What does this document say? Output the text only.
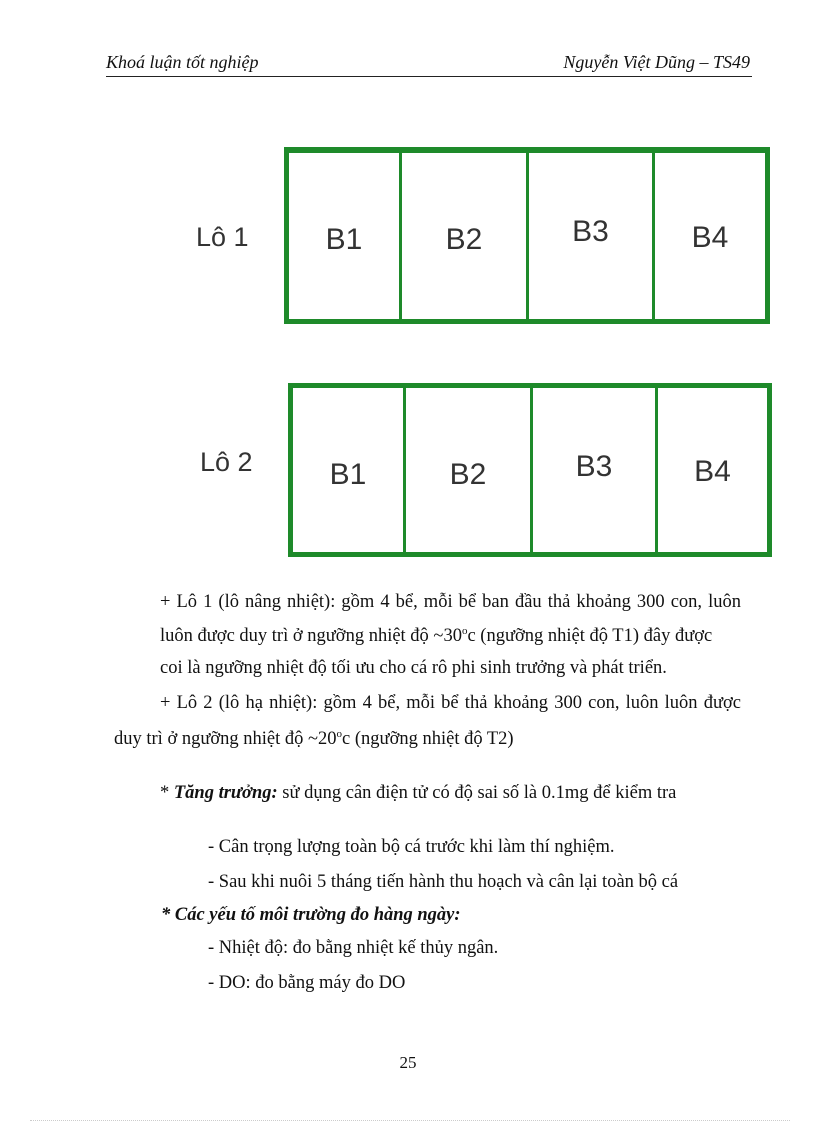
Khoá luận tốt nghiệp	Nguyễn Việt Dũng – TS49
Lô 1	B1	B2	B3	B4
Lô 2	B1	B2	B3	B4
+ Lô 1 (lô nâng nhiệt): gồm 4 bể, mỗi bể ban đầu thả khoảng 300 con, luôn
luôn được duy trì ở ngưỡng nhiệt độ ~30$^o$c (ngưỡng nhiệt độ T1) đây được
coi là ngưỡng nhiệt độ tối ưu cho cá rô phi sinh trưởng và phát triển.
+ Lô 2 (lô hạ nhiệt): gồm 4 bể, mỗi bể thả khoảng 300 con, luôn luôn được
duy trì ở ngưỡng nhiệt độ ~20$^o$c (ngưỡng nhiệt độ T2)
* Tăng trưởng: sử dụng cân điện tử có độ sai số là 0.1mg để kiểm tra
- Cân trọng lượng toàn bộ cá trước khi làm thí nghiệm.
- Sau khi nuôi 5 tháng tiến hành thu hoạch và cân lại toàn bộ cá
* Các yếu tố môi trường đo hàng ngày:
- Nhiệt độ: đo bằng nhiệt kế thủy ngân.
- DO: đo bằng máy đo DO
25
